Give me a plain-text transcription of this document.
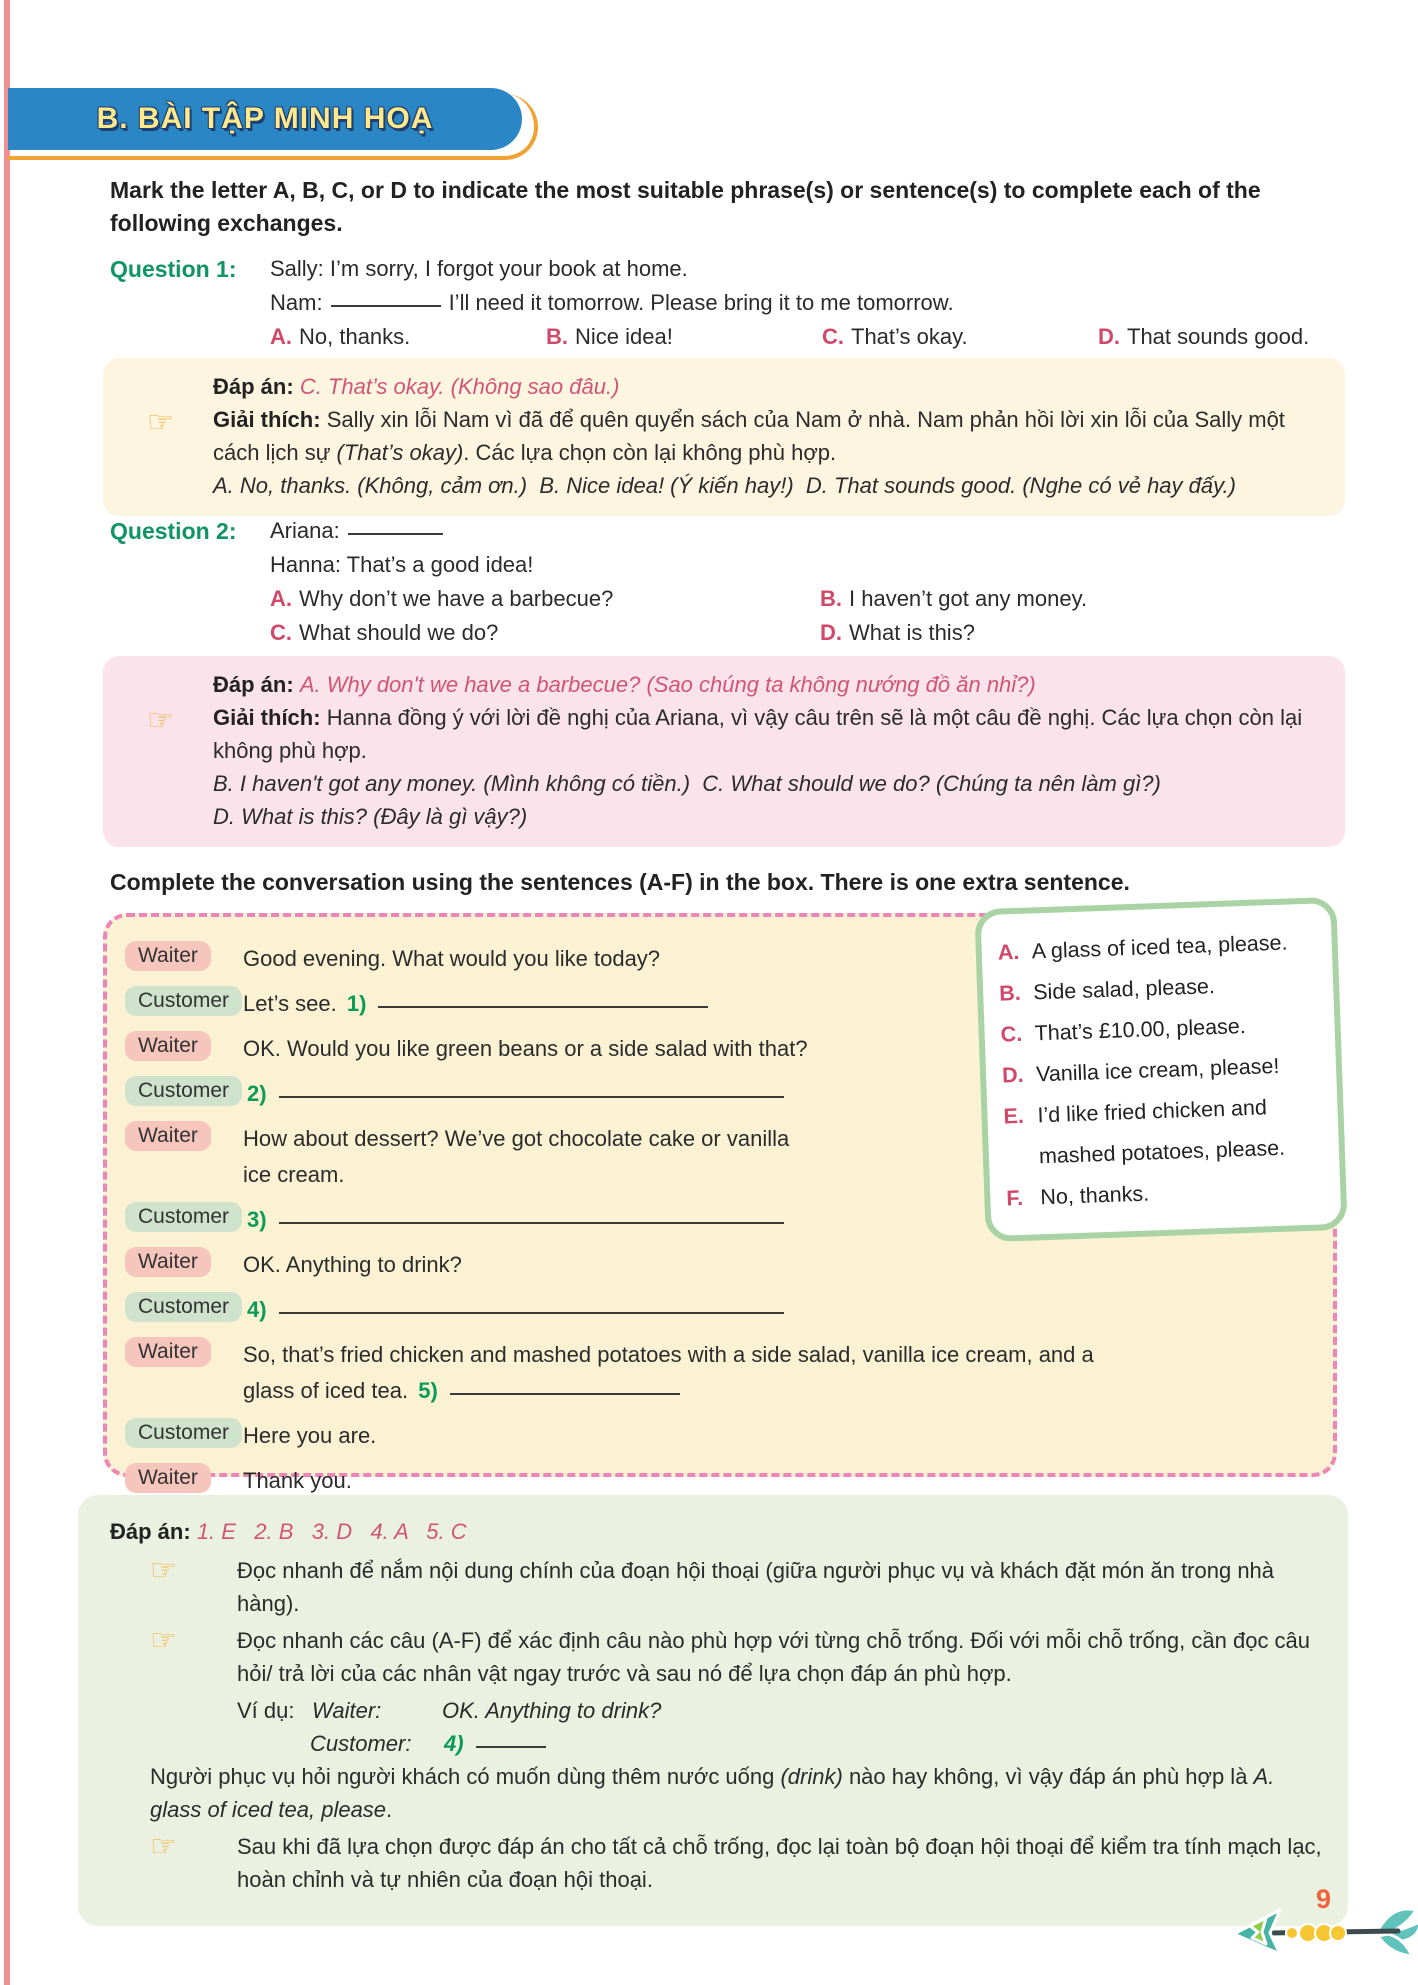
B. BÀI TẬP MINH HOẠ

Mark the letter A, B, C, or D to indicate the most suitable phrase(s) or sentence(s) to complete each of the following exchanges.

Question 1:	Sally: I’m sorry, I forgot your book at home.
Nam:	I’ll need it tomorrow. Please bring it to me tomorrow.
A. No, thanks.	B. Nice idea!	C. That’s okay.	D. That sounds good.
☞

Đáp án: C. That’s okay. (Không sao đâu.)

Giải thích: Sally xin lỗi Nam vì đã để quên quyển sách của Nam ở nhà. Nam phản hồi lời xin lỗi của Sally một cách lịch sự (That’s okay). Các lựa chọn còn lại không phù hợp.

A. No, thanks. (Không, cảm ơn.)  B. Nice idea! (Ý kiến hay!)  D. That sounds good. (Nghe có vẻ hay đấy.)

Question 2:	Ariana:
Hanna: That’s a good idea!
A. Why don’t we have a barbecue?	B. I haven’t got any money.
C. What should we do?	D. What is this?
☞

Đáp án: A. Why don't we have a barbecue? (Sao chúng ta không nướng đồ ăn nhỉ?)

Giải thích: Hanna đồng ý với lời đề nghị của Ariana, vì vậy câu trên sẽ là một câu đề nghị. Các lựa chọn còn lại không phù hợp.

B. I haven't got any money. (Mình không có tiền.)  C. What should we do? (Chúng ta nên làm gì?)

D. What is this? (Đây là gì vậy?)

Complete the conversation using the sentences (A-F) in the box. There is one extra sentence.

Waiter	Good evening. What would you like today?
Customer Let’s see. 1)
Waiter	OK. Would you like green beans or a side salad with that?
Customer 2)
Waiter	How about dessert? We’ve got chocolate cake or vanilla ice cream.
Customer 3)
Waiter	OK. Anything to drink?
Customer 4)
Waiter	So, that’s fried chicken and mashed potatoes with a side salad, vanilla ice cream, and a glass of iced tea. 5)
Customer Here you are.
Waiter	Thank you.
A. A glass of iced tea, please.
B. Side salad, please.
C. That’s £10.00, please.
D. Vanilla ice cream, please!
E. I’d like fried chicken and mashed potatoes, please.
F. No, thanks.

Đáp án: 1. E   2. B   3. D   4. A   5. C

☞	Đọc nhanh để nắm nội dung chính của đoạn hội thoại (giữa người phục vụ và khách đặt món ăn trong nhà hàng).
☞	Đọc nhanh các câu (A-F) để xác định câu nào phù hợp với từng chỗ trống. Đối với mỗi chỗ trống, cần đọc câu hỏi/ trả lời của các nhân vật ngay trước và sau nó để lựa chọn đáp án phù hợp.
Ví dụ: Waiter:	OK. Anything to drink?
Customer: 4)
Người phục vụ hỏi người khách có muốn dùng thêm nước uống (drink) nào hay không, vì vậy đáp án phù hợp là A. glass of iced tea, please.
☞	Sau khi đã lựa chọn được đáp án cho tất cả chỗ trống, đọc lại toàn bộ đoạn hội thoại để kiểm tra tính mạch lạc, hoàn chỉnh và tự nhiên của đoạn hội thoại.
9
